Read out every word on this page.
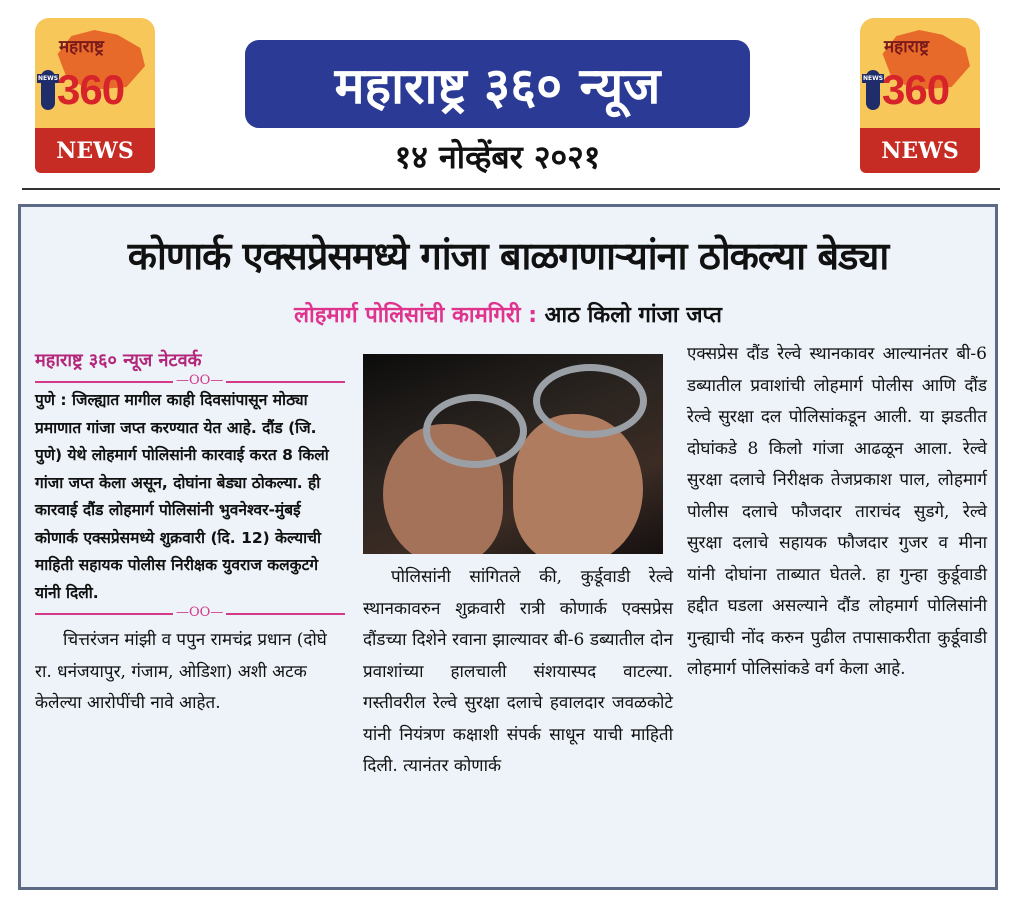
महाराष्ट्र
NEWS
360
NEWS
महाराष्ट्र
NEWS
360
NEWS
महाराष्ट्र ३६० न्यूज
१४ नोव्हेंबर २०२१
कोणार्क एक्सप्रेसमध्ये गांजा बाळगणाऱ्यांना ठोकल्या बेड्या
लोहमार्ग पोलिसांची कामगिरी : आठ किलो गांजा जप्त
महाराष्ट्र ३६० न्यूज नेटवर्क
—ΟΟ—
पुणे : जिल्ह्यात मागील काही दिवसांपासून मोठ्या प्रमाणात गांजा जप्त करण्यात येत आहे. दौंड (जि. पुणे) येथे लोहमार्ग पोलिसांनी कारवाई करत 8 किलो गांजा जप्त केला असून, दोघांना बेड्या ठोकल्या. ही कारवाई दौंड लोहमार्ग पोलिसांनी भुवनेश्वर-मुंबई कोणार्क एक्सप्रेसमध्ये शुक्रवारी (दि. 12) केल्याची माहिती सहायक पोलीस निरीक्षक युवराज कलकुटगे यांनी दिली.
—ΟΟ—
चित्तरंजन मांझी व पपुन रामचंद्र प्रधान (दोघे रा. धनंजयापुर, गंजाम, ओडिशा) अशी अटक केलेल्या आरोपींची नावे आहेत.
पोलिसांनी सांगितले की, कुर्डूवाडी रेल्वे स्थानकावरुन शुक्रवारी रात्री कोणार्क एक्सप्रेस दौंडच्या दिशेने रवाना झाल्यावर बी-6 डब्यातील दोन प्रवाशांच्या हालचाली संशयास्पद वाटल्या. गस्तीवरील रेल्वे सुरक्षा दलाचे हवालदार जवळकोटे यांनी नियंत्रण कक्षाशी संपर्क साधून याची माहिती दिली. त्यानंतर कोणार्क
एक्सप्रेस दौंड रेल्वे स्थानकावर आल्यानंतर बी-6 डब्यातील प्रवाशांची लोहमार्ग पोलीस आणि दौंड रेल्वे सुरक्षा दल पोलिसांकडून आली. या झडतीत दोघांकडे 8 किलो गांजा आढळून आला. रेल्वे सुरक्षा दलाचे निरीक्षक तेजप्रकाश पाल, लोहमार्ग पोलीस दलाचे फौजदार ताराचंद सुडगे, रेल्वे सुरक्षा दलाचे सहायक फौजदार गुजर व मीना यांनी दोघांना ताब्यात घेतले. हा गुन्हा कुर्डूवाडी हद्दीत घडला असल्याने दौंड लोहमार्ग पोलिसांनी गुन्ह्याची नोंद करुन पुढील तपासाकरीता कुर्डूवाडी लोहमार्ग पोलिसांकडे वर्ग केला आहे.
